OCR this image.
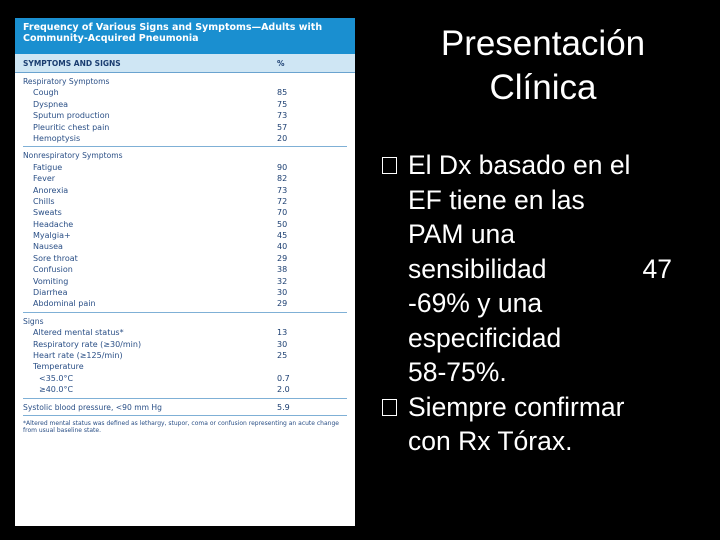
Frequency of Various Signs and Symptoms—Adults with Community-Acquired Pneumonia
SYMPTOMS AND SIGNS	%
Respiratory Symptoms
Cough	85
Dyspnea	75
Sputum production	73
Pleuritic chest pain	57
Hemoptysis	20
Nonrespiratory Symptoms
Fatigue	90
Fever	82
Anorexia	73
Chills	72
Sweats	70
Headache	50
Myalgia+	45
Nausea	40
Sore throat	29
Confusion	38
Vomiting	32
Diarrhea	30
Abdominal pain	29
Signs
Altered mental status*	13
Respiratory rate (≥30/min)	30
Heart rate (≥125/min)	25
Temperature
<35.0°C	0.7
≥40.0°C	2.0
Systolic blood pressure, <90 mm Hg	5.9
*Altered mental status was defined as lethargy, stupor, coma or confusion representing an acute change from usual baseline state.
Presentación
Clínica
El Dx basado en el
EF tiene en las
PAM una
sensibilidad	47
-69% y una
especificidad
58-75%.
Siempre confirmar
con Rx Tórax.
